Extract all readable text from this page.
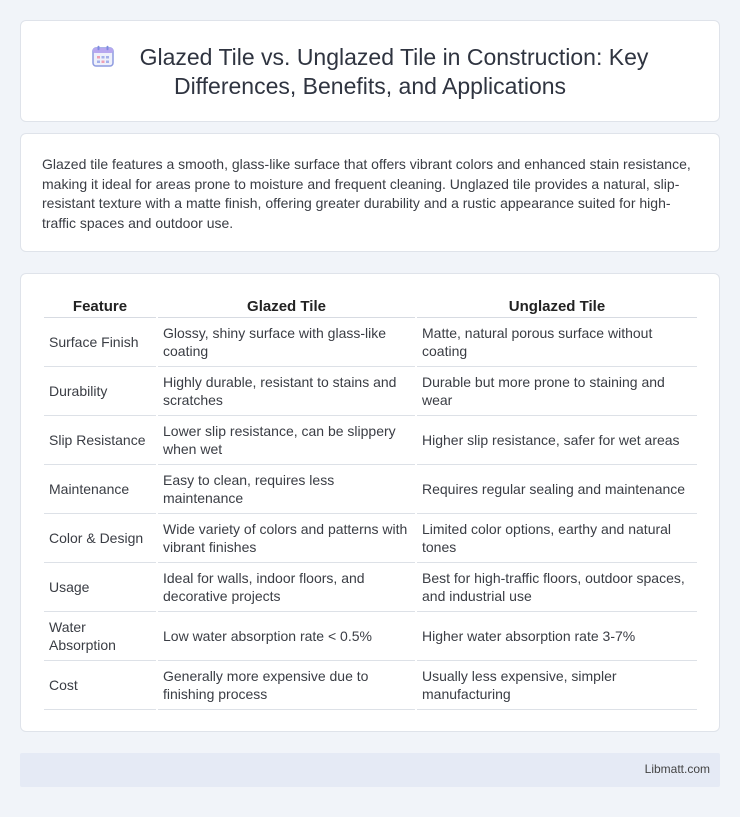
Glazed Tile vs. Unglazed Tile in Construction: Key Differences, Benefits, and Applications

Glazed tile features a smooth, glass-like surface that offers vibrant colors and enhanced stain resistance, making it ideal for areas prone to moisture and frequent cleaning. Unglazed tile provides a natural, slip-resistant texture with a matte finish, offering greater durability and a rustic appearance suited for high-traffic spaces and outdoor use.

Feature	Glazed Tile	Unglazed Tile
Surface Finish	Glossy, shiny surface with glass-like coating	Matte, natural porous surface without coating
Durability	Highly durable, resistant to stains and scratches	Durable but more prone to staining and wear
Slip Resistance	Lower slip resistance, can be slippery when wet	Higher slip resistance, safer for wet areas
Maintenance	Easy to clean, requires less maintenance	Requires regular sealing and maintenance
Color & Design	Wide variety of colors and patterns with vibrant finishes	Limited color options, earthy and natural tones
Usage	Ideal for walls, indoor floors, and decorative projects	Best for high-traffic floors, outdoor spaces, and industrial use
Water Absorption	Low water absorption rate < 0.5%	Higher water absorption rate 3-7%
Cost	Generally more expensive due to finishing process	Usually less expensive, simpler manufacturing
Libmatt.com
